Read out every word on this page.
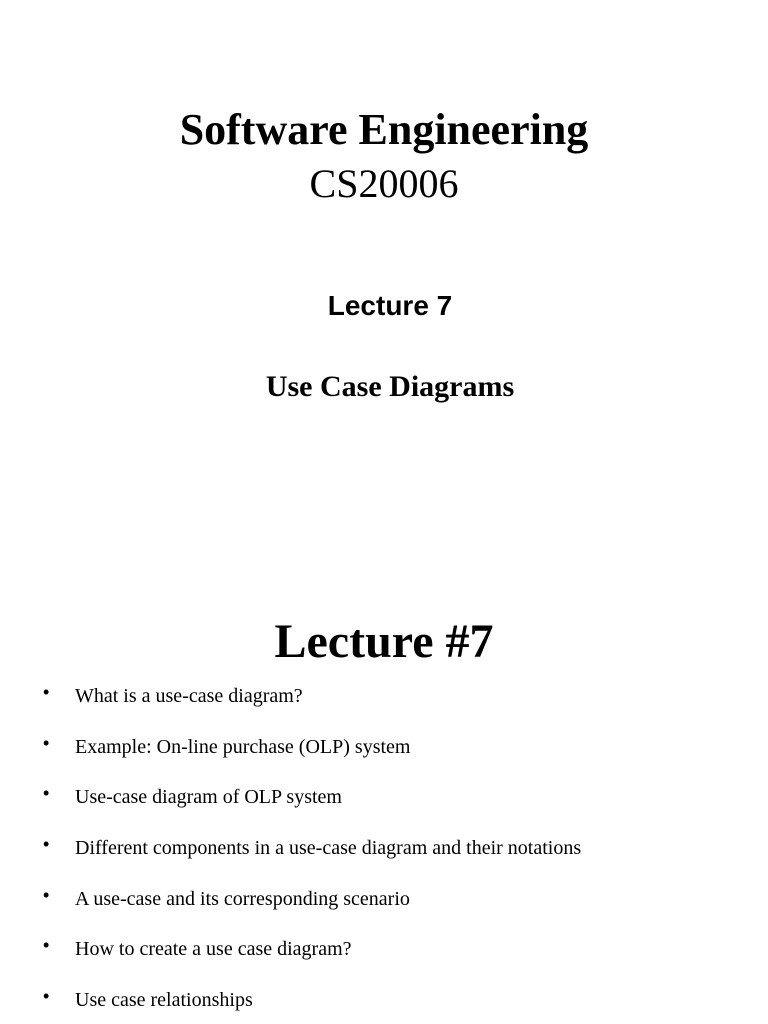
Software Engineering
CS20006
Lecture 7
Use Case Diagrams
Lecture #7
• What is a use-case diagram?
• Example: On-line purchase (OLP) system
• Use-case diagram of OLP system
• Different components in a use-case diagram and their notations
• A use-case and its corresponding scenario
• How to create a use case diagram?
• Use case relationships
